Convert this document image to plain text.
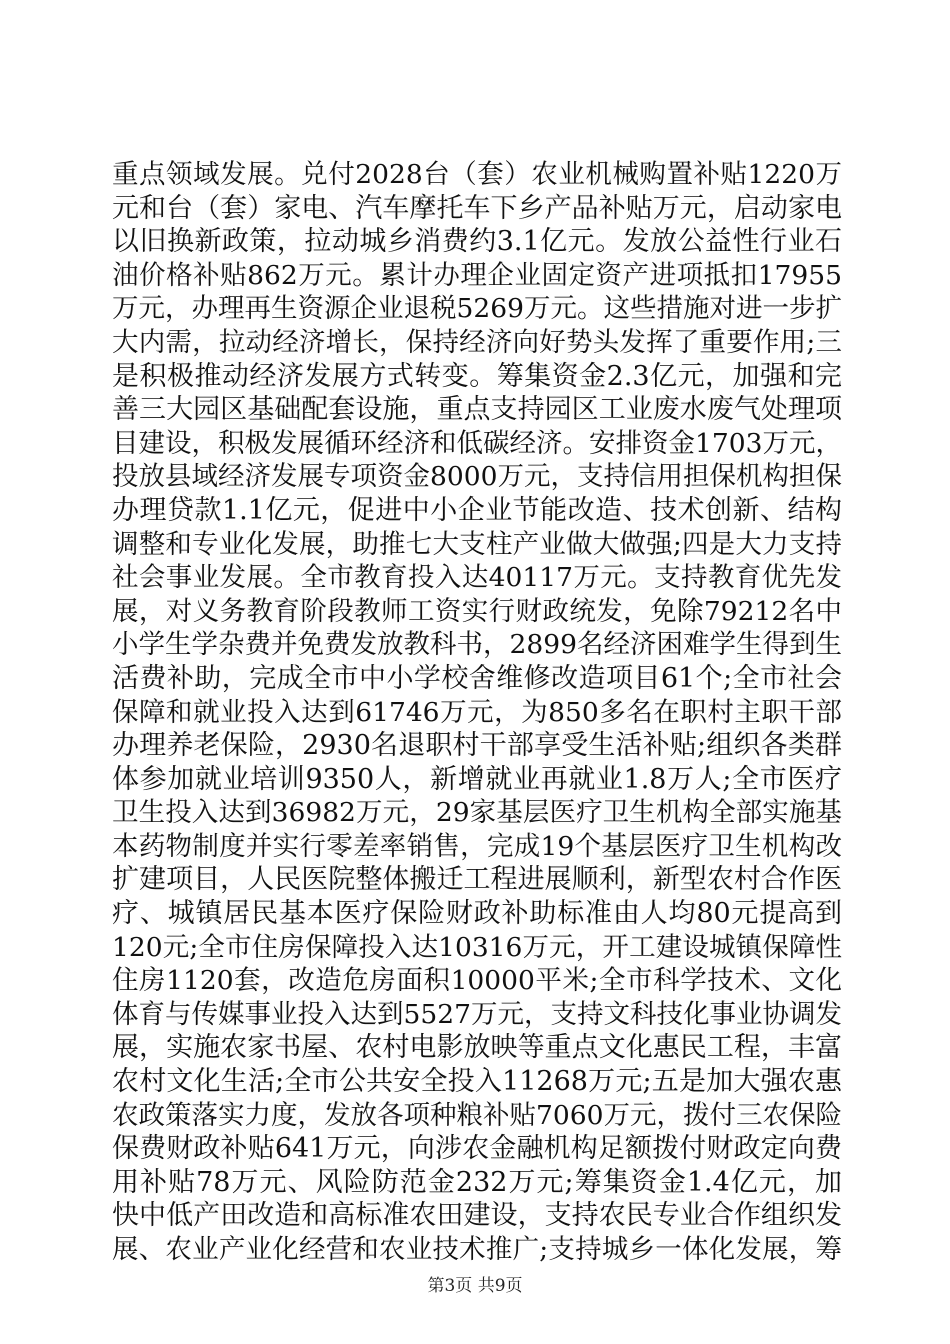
重点领域发展。兑付2028台（套）农业机械购置补贴1220万
元和台（套）家电、汽车摩托车下乡产品补贴万元，启动家电
以旧换新政策，拉动城乡消费约3.1亿元。发放公益性行业石
油价格补贴862万元。累计办理企业固定资产进项抵扣17955
万元，办理再生资源企业退税5269万元。这些措施对进一步扩
大内需，拉动经济增长，保持经济向好势头发挥了重要作用;三
是积极推动经济发展方式转变。筹集资金2.3亿元，加强和完
善三大园区基础配套设施，重点支持园区工业废水废气处理项
目建设，积极发展循环经济和低碳经济。安排资金1703万元，
投放县域经济发展专项资金8000万元，支持信用担保机构担保
办理贷款1.1亿元，促进中小企业节能改造、技术创新、结构
调整和专业化发展，助推七大支柱产业做大做强;四是大力支持
社会事业发展。全市教育投入达40117万元。支持教育优先发
展，对义务教育阶段教师工资实行财政统发，免除79212名中
小学生学杂费并免费发放教科书，2899名经济困难学生得到生
活费补助，完成全市中小学校舍维修改造项目61个;全市社会
保障和就业投入达到61746万元，为850多名在职村主职干部
办理养老保险，2930名退职村干部享受生活补贴;组织各类群
体参加就业培训9350人，新增就业再就业1.8万人;全市医疗
卫生投入达到36982万元，29家基层医疗卫生机构全部实施基
本药物制度并实行零差率销售，完成19个基层医疗卫生机构改
扩建项目，人民医院整体搬迁工程进展顺利，新型农村合作医
疗、城镇居民基本医疗保险财政补助标准由人均80元提高到
120元;全市住房保障投入达10316万元，开工建设城镇保障性
住房1120套，改造危房面积10000平米;全市科学技术、文化
体育与传媒事业投入达到5527万元，支持文科技化事业协调发
展，实施农家书屋、农村电影放映等重点文化惠民工程，丰富
农村文化生活;全市公共安全投入11268万元;五是加大强农惠
农政策落实力度，发放各项种粮补贴7060万元，拨付三农保险
保费财政补贴641万元，向涉农金融机构足额拨付财政定向费
用补贴78万元、风险防范金232万元;筹集资金1.4亿元，加
快中低产田改造和高标准农田建设，支持农民专业合作组织发
展、农业产业化经营和农业技术推广;支持城乡一体化发展，筹
第3页 共9页
